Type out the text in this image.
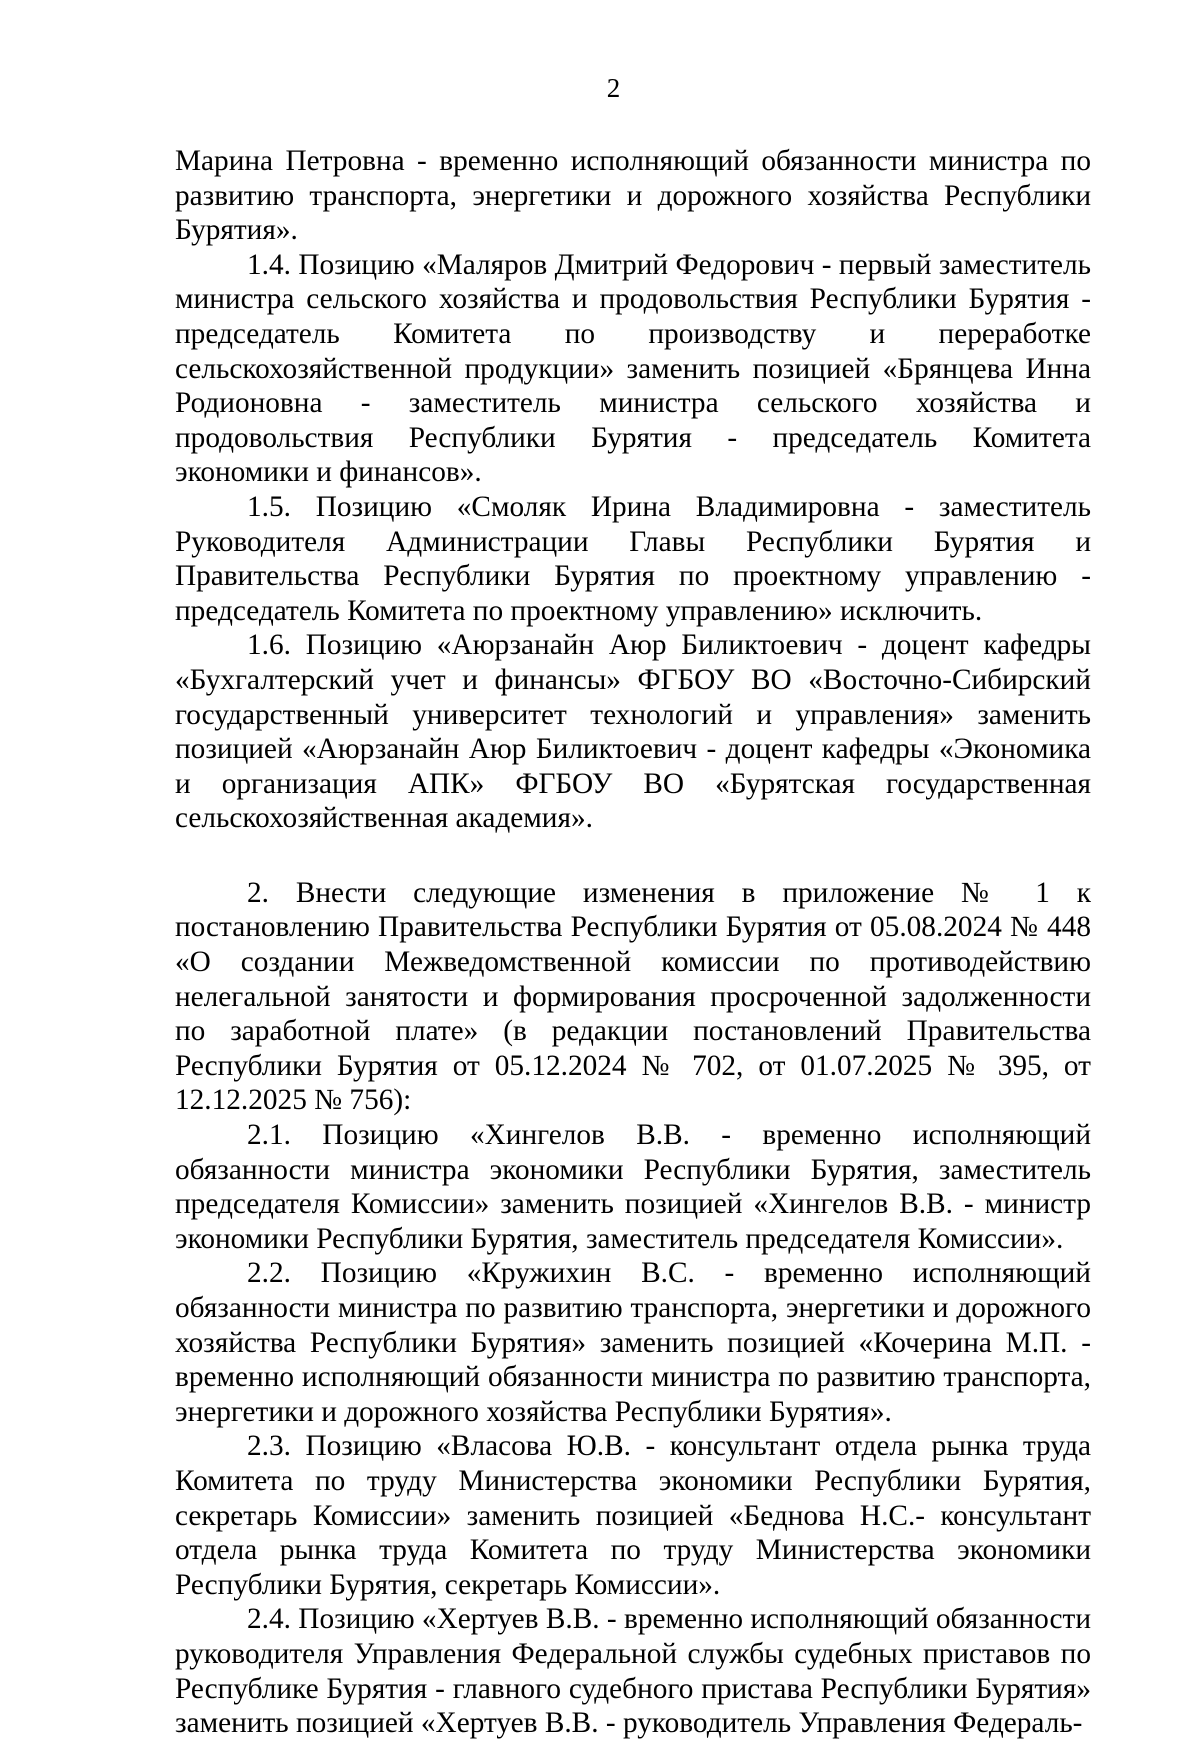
2

Марина Петровна - временно исполняющий обязанности министра по развитию транспорта, энергетики и дорожного хозяйства Республики Бурятия».

1.4. Позицию «Маляров Дмитрий Федорович - первый заместитель министра сельского хозяйства и продовольствия Республики Бурятия - председатель Комитета по производству и переработке сельскохозяйственной продукции» заменить позицией «Брянцева Инна Родионовна - заместитель министра сельского хозяйства и продовольствия Республики Бурятия - председатель Комитета экономики и финансов».

1.5. Позицию «Смоляк Ирина Владимировна - заместитель Руководителя Администрации Главы Республики Бурятия и Правительства Республики Бурятия по проектному управлению - председатель Комитета по проектному управлению» исключить.

1.6. Позицию «Аюрзанайн Аюр Биликтоевич - доцент кафедры «Бухгалтерский учет и финансы» ФГБОУ ВО «Восточно-Сибирский государственный университет технологий и управления» заменить позицией «Аюрзанайн Аюр Биликтоевич - доцент кафедры «Экономика и организация АПК» ФГБОУ ВО «Бурятская государственная сельскохозяйственная академия».

2. Внести следующие изменения в приложение № 1 к постановлению Правительства Республики Бурятия от 05.08.2024 № 448 «О создании Межведомственной комиссии по противодействию нелегальной занятости и формирования просроченной задолженности по заработной плате» (в редакции постановлений Правительства Республики Бурятия от 05.12.2024 № 702, от 01.07.2025 № 395, от 12.12.2025 № 756):

2.1. Позицию «Хингелов В.В. - временно исполняющий обязанности министра экономики Республики Бурятия, заместитель председателя Комиссии» заменить позицией «Хингелов В.В. - министр экономики Республики Бурятия, заместитель председателя Комиссии».

2.2. Позицию «Кружихин В.С. - временно исполняющий обязанности министра по развитию транспорта, энергетики и дорожного хозяйства Республики Бурятия» заменить позицией «Кочерина М.П. - временно исполняющий обязанности министра по развитию транспорта, энергетики и дорожного хозяйства Республики Бурятия».

2.3. Позицию «Власова Ю.В. - консультант отдела рынка труда Комитета по труду Министерства экономики Республики Бурятия, секретарь Комиссии» заменить позицией «Беднова Н.С.- консультант отдела рынка труда Комитета по труду Министерства экономики Республики Бурятия, секретарь Комиссии».

2.4. Позицию «Хертуев В.В. - временно исполняющий обязанности руководителя Управления Федеральной службы судебных приставов по Республике Бурятия - главного судебного пристава Республики Бурятия» заменить позицией «Хертуев В.В. - руководитель Управления Федераль-
